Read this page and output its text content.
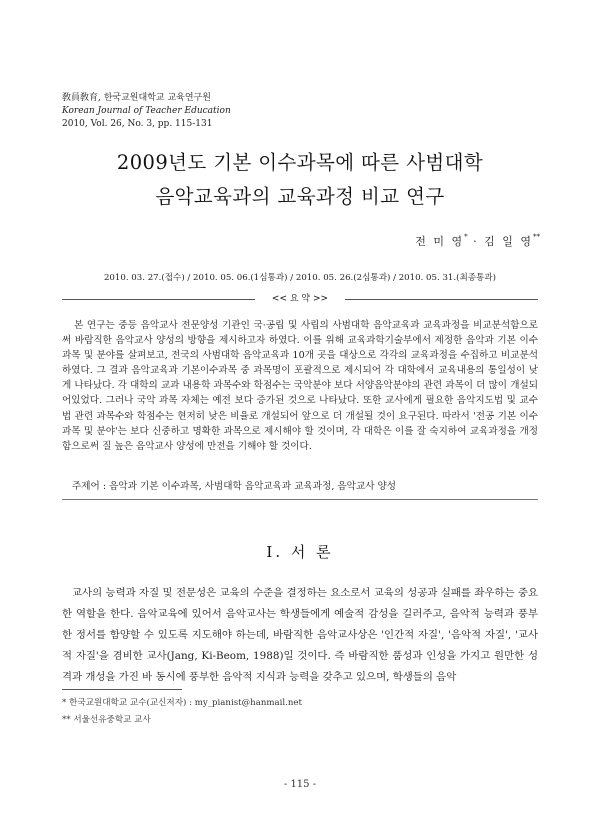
敎員敎育, 한국교원대학교 교육연구원
Korean Journal of Teacher Education
2010, Vol. 26, No. 3, pp. 115-131
2009년도 기본 이수과목에 따른 사범대학
음악교육과의 교육과정 비교 연구
전 미 영* · 김 일 영**
2010. 03. 27.(접수) / 2010. 05. 06.(1심통과) / 2010. 05. 26.(2심통과) / 2010. 05. 31.(최종통과)
<< 요 약 >>
본 연구는 중등 음악교사 전문양성 기관인 국·공립 및 사립의 사범대학 음악교육과 교육과정을 비교분석함으로써 바람직한 음악교사 양성의 방향을 제시하고자 하였다. 이를 위해 교육과학기술부에서 제정한 음악과 기본 이수 과목 및 분야를 살펴보고, 전국의 사범대학 음악교육과 10개 곳을 대상으로 각각의 교육과정을 수집하고 비교분석하였다. 그 결과 음악교육과 기본이수과목 중 과목명이 포괄적으로 제시되어 각 대학에서 교육내용의 통일성이 낮게 나타났다. 각 대학의 교과 내용학 과목수와 학점수는 국악분야 보다 서양음악분야의 관련 과목이 더 많이 개설되어있었다. 그러나 국악 과목 자체는 예전 보다 증가된 것으로 나타났다. 또한 교사에게 필요한 음악지도법 및 교수법 관련 과목수와 학점수는 현저히 낮은 비율로 개설되어 앞으로 더 개설될 것이 요구된다. 따라서 '전공 기본 이수 과목 및 분야'는 보다 신중하고 명확한 과목으로 제시해야 할 것이며, 각 대학은 이를 잘 숙지하여 교육과정을 개정함으로써 질 높은 음악교사 양성에 만전을 기해야 할 것이다.
주제어 : 음악과 기본 이수과목, 사범대학 음악교육과 교육과정, 음악교사 양성
Ⅰ. 서 론
교사의 능력과 자질 및 전문성은 교육의 수준을 결정하는 요소로서 교육의 성공과 실패를 좌우하는 중요한 역할을 한다. 음악교육에 있어서 음악교사는 학생들에게 예술적 감성을 길러주고, 음악적 능력과 풍부한 정서를 함양할 수 있도록 지도해야 하는데, 바람직한 음악교사상은 '인간적 자질', '음악적 자질', '교사적 자질'을 겸비한 교사(Jang, Ki-Beom, 1988)일 것이다. 즉 바람직한 품성과 인성을 가지고 원만한 성격과 개성을 가진 바 동시에 풍부한 음악적 지식과 능력을 갖추고 있으며, 학생들의 음악
* 한국교원대학교 교수(교신저자) : my_pianist@hanmail.net
** 서울선유중학교 교사
- 115 -
